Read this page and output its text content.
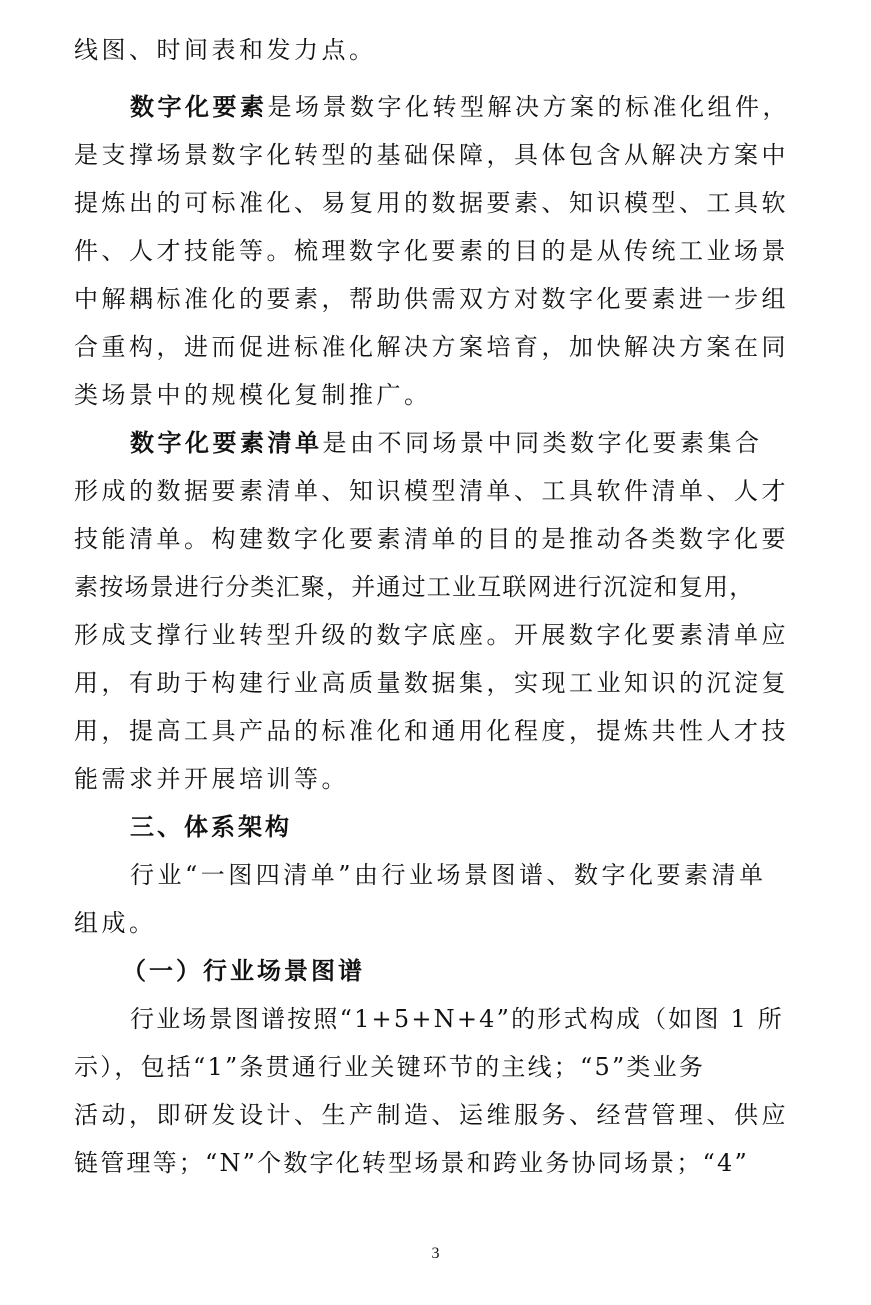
线图、时间表和发力点。
数字化要素是场景数字化转型解决方案的标准化组件，
是支撑场景数字化转型的基础保障，具体包含从解决方案中
提炼出的可标准化、易复用的数据要素、知识模型、工具软
件、人才技能等。梳理数字化要素的目的是从传统工业场景
中解耦标准化的要素，帮助供需双方对数字化要素进一步组
合重构，进而促进标准化解决方案培育，加快解决方案在同
类场景中的规模化复制推广。
数字化要素清单是由不同场景中同类数字化要素集合
形成的数据要素清单、知识模型清单、工具软件清单、人才
技能清单。构建数字化要素清单的目的是推动各类数字化要
素按场景进行分类汇聚，并通过工业互联网进行沉淀和复用，
形成支撑行业转型升级的数字底座。开展数字化要素清单应
用，有助于构建行业高质量数据集，实现工业知识的沉淀复
用，提高工具产品的标准化和通用化程度，提炼共性人才技
能需求并开展培训等。
三、体系架构
行业“一图四清单”由行业场景图谱、数字化要素清单
组成。
（一）行业场景图谱
行业场景图谱按照“1+5+N+4”的形式构成（如图 1 所
示），包括“1”条贯通行业关键环节的主线；“5”类业务
活动，即研发设计、生产制造、运维服务、经营管理、供应
链管理等；“N”个数字化转型场景和跨业务协同场景；“4”
3
